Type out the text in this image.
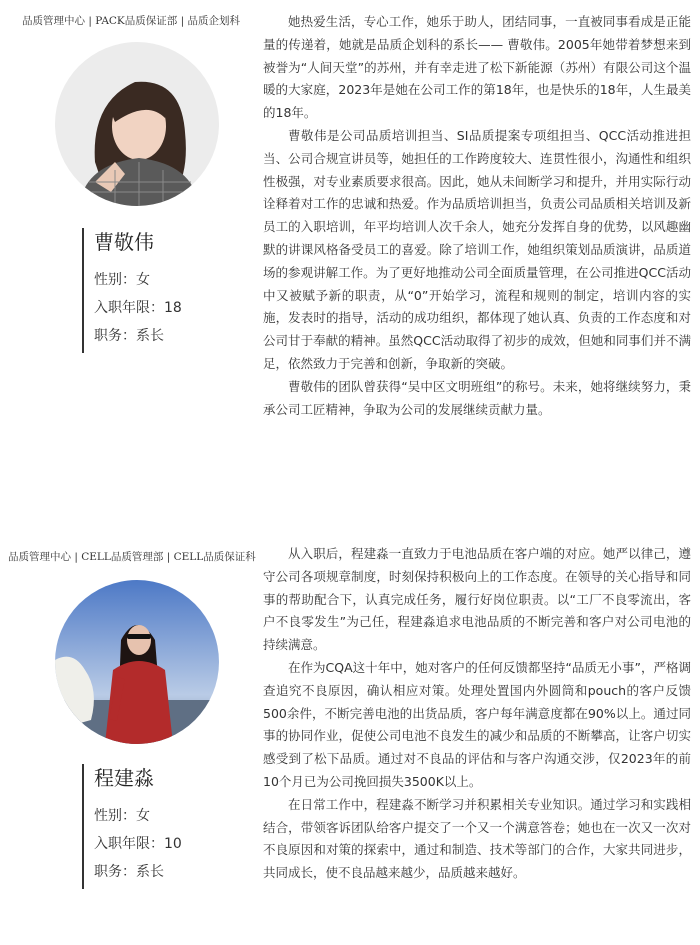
品质管理中心 | PACK品质保证部 | 品质企划科
曹敬伟
性别：女
入职年限：18
职务：系长

她热爱生活，专心工作，她乐于助人，团结同事，一直被同事看成是正能量的传递着，她就是品质企划科的系长—— 曹敬伟。2005年她带着梦想来到被誉为“人间天堂”的苏州，并有幸走进了松下新能源（苏州）有限公司这个温暖的大家庭，2023年是她在公司工作的第18年，也是快乐的18年，人生最美的18年。

曹敬伟是公司品质培训担当、SI品质提案专项组担当、QCC活动推进担当、公司合规宣讲员等，她担任的工作跨度较大、连贯性很小，沟通性和组织性极强，对专业素质要求很高。因此，她从未间断学习和提升，并用实际行动诠释着对工作的忠诚和热爱。作为品质培训担当，负责公司品质相关培训及新员工的入职培训，年平均培训人次千余人，她充分发挥自身的优势，以风趣幽默的讲课风格备受员工的喜爱。除了培训工作，她组织策划品质演讲，品质道场的参观讲解工作。为了更好地推动公司全面质量管理，在公司推进QCC活动中又被赋予新的职责，从“0”开始学习，流程和规则的制定，培训内容的实施，发表时的指导，活动的成功组织，都体现了她认真、负责的工作态度和对公司甘于奉献的精神。虽然QCC活动取得了初步的成效，但她和同事们并不满足，依然致力于完善和创新，争取新的突破。

曹敬伟的团队曾获得“吴中区文明班组”的称号。未来，她将继续努力，秉承公司工匠精神，争取为公司的发展继续贡献力量。

品质管理中心 | CELL品质管理部 | CELL品质保证科
程建淼
性别：女
入职年限：10
职务：系长

从入职后，程建淼一直致力于电池品质在客户端的对应。她严以律己，遵守公司各项规章制度，时刻保持积极向上的工作态度。在领导的关心指导和同事的帮助配合下，认真完成任务，履行好岗位职责。以“工厂不良零流出，客户不良零发生”为己任，程建淼追求电池品质的不断完善和客户对公司电池的持续满意。

在作为CQA这十年中，她对客户的任何反馈都坚持“品质无小事”，严格调查追究不良原因，确认相应对策。处理处置国内外圆筒和pouch的客户反馈500余件，不断完善电池的出货品质，客户每年满意度都在90%以上。通过同事的协同作业，促使公司电池不良发生的减少和品质的不断攀高，让客户切实感受到了松下品质。通过对不良品的评估和与客户沟通交涉，仅2023年的前10个月已为公司挽回损失3500K以上。

在日常工作中，程建淼不断学习并积累相关专业知识。通过学习和实践相结合，带领客诉团队给客户提交了一个又一个满意答卷；她也在一次又一次对不良原因和对策的探索中，通过和制造、技术等部门的合作，大家共同进步，共同成长，使不良品越来越少，品质越来越好。
